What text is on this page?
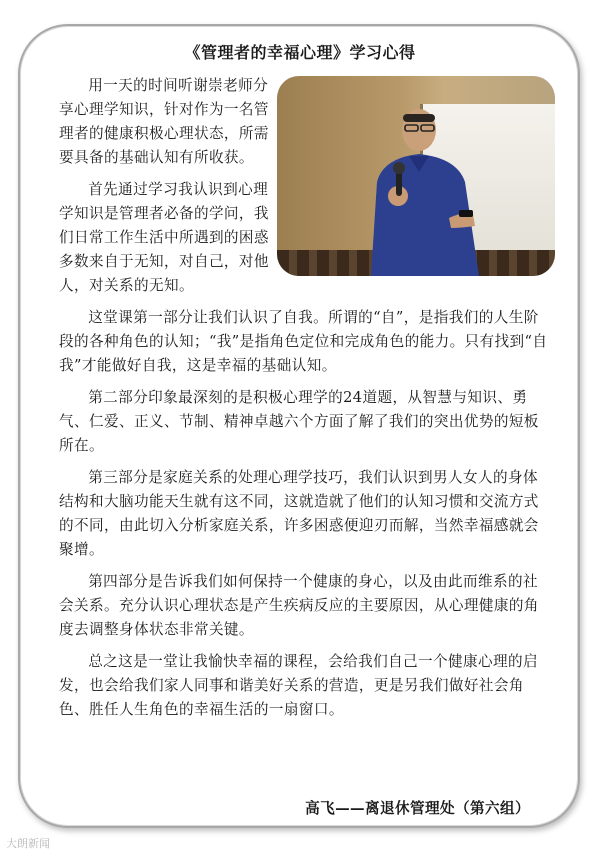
《管理者的幸福心理》学习心得

用一天的时间听谢崇老师分享心理学知识，针对作为一名管理者的健康积极心理状态，所需要具备的基础认知有所收获。

首先通过学习我认识到心理学知识是管理者必备的学问，我们日常工作生活中所遇到的困惑多数来自于无知，对自己，对他人，对关系的无知。

这堂课第一部分让我们认识了自我。所谓的“自”，是指我们的人生阶段的各种角色的认知；“我”是指角色定位和完成角色的能力。只有找到“自我”才能做好自我，这是幸福的基础认知。

第二部分印象最深刻的是积极心理学的24道题，从智慧与知识、勇气、仁爱、正义、节制、精神卓越六个方面了解了我们的突出优势的短板所在。

第三部分是家庭关系的处理心理学技巧，我们认识到男人女人的身体结构和大脑功能天生就有这不同，这就造就了他们的认知习惯和交流方式的不同，由此切入分析家庭关系，许多困惑便迎刃而解，当然幸福感就会聚增。

第四部分是告诉我们如何保持一个健康的身心，以及由此而维系的社会关系。充分认识心理状态是产生疾病反应的主要原因，从心理健康的角度去调整身体状态非常关键。

总之这是一堂让我愉快幸福的课程，会给我们自己一个健康心理的启发，也会给我们家人同事和谐美好关系的营造，更是另我们做好社会角色、胜任人生角色的幸福生活的一扇窗口。

高飞——离退休管理处（第六组）
大朗新闻
